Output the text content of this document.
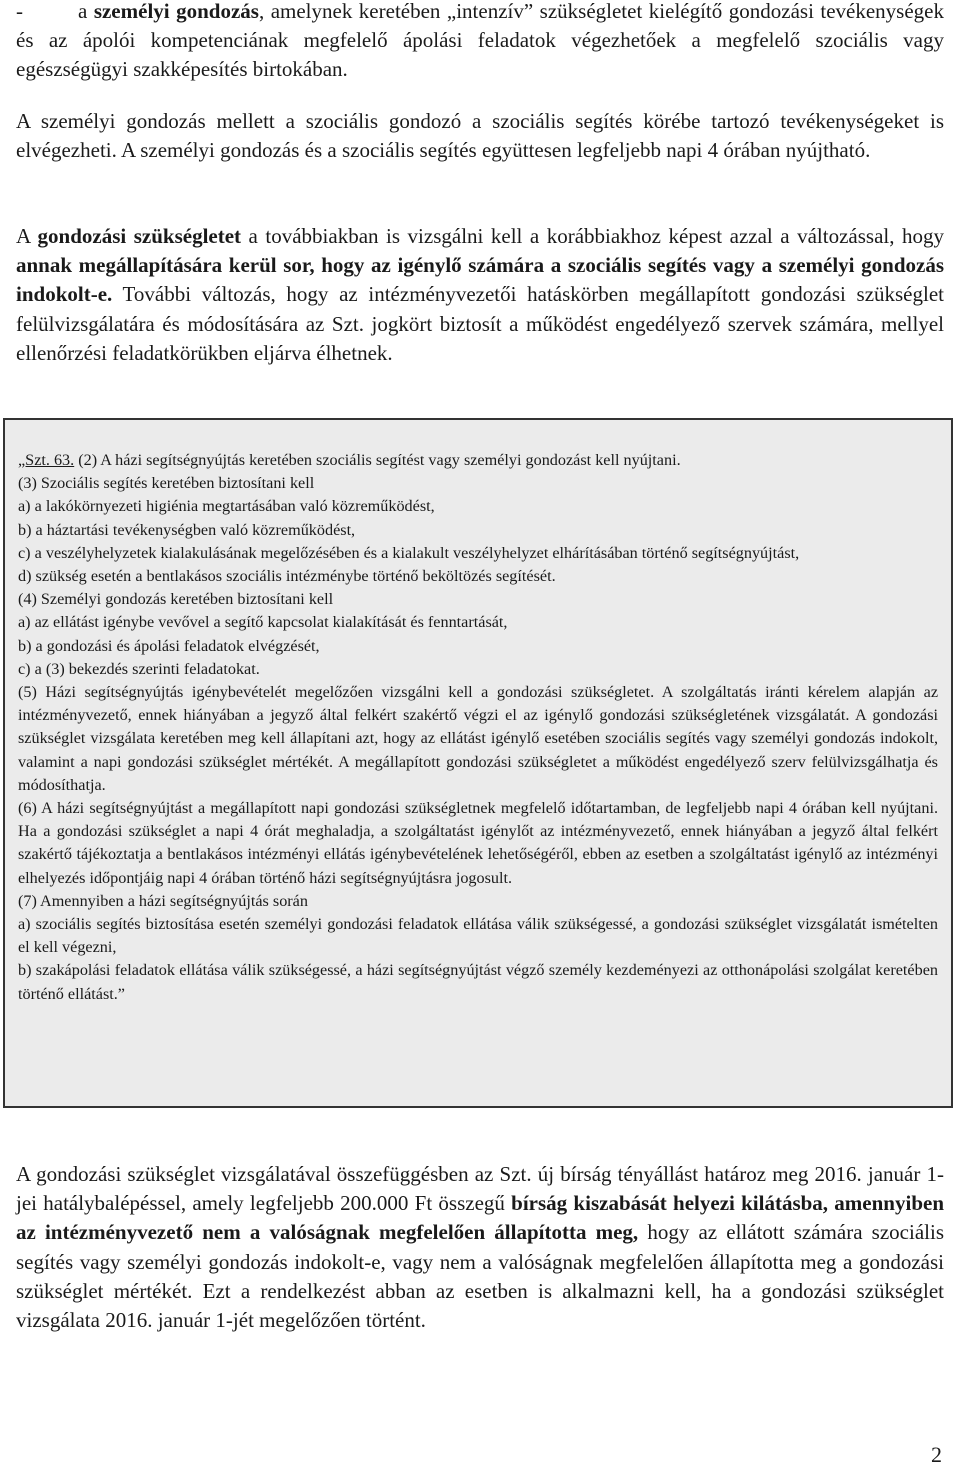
-	a személyi gondozás, amelynek keretében „intenzív” szükségletet kielégítő gondozási tevékenységek és az ápolói kompetenciának megfelelő ápolási feladatok végezhetőek a megfelelő szociális vagy egészségügyi szakképesítés birtokában.

A személyi gondozás mellett a szociális gondozó a szociális segítés körébe tartozó tevékenységeket is elvégezheti. A személyi gondozás és a szociális segítés együttesen legfeljebb napi 4 órában nyújtható.

A gondozási szükségletet a továbbiakban is vizsgálni kell a korábbiakhoz képest azzal a változással, hogy annak megállapítására kerül sor, hogy az igénylő számára a szociális segítés vagy a személyi gondozás indokolt-e. További változás, hogy az intézményvezetői hatáskörben megállapított gondozási szükséglet felülvizsgálatára és módosítására az Szt. jogkört biztosít a működést engedélyező szervek számára, mellyel ellenőrzési feladatkörükben eljárva élhetnek.

„Szt. 63. (2) A házi segítségnyújtás keretében szociális segítést vagy személyi gondozást kell nyújtani.
(3) Szociális segítés keretében biztosítani kell
a) a lakókörnyezeti higiénia megtartásában való közreműködést,
b) a háztartási tevékenységben való közreműködést,
c) a veszélyhelyzetek kialakulásának megelőzésében és a kialakult veszélyhelyzet elhárításában történő segítségnyújtást,
d) szükség esetén a bentlakásos szociális intézménybe történő beköltözés segítését.
(4) Személyi gondozás keretében biztosítani kell
a) az ellátást igénybe vevővel a segítő kapcsolat kialakítását és fenntartását,
b) a gondozási és ápolási feladatok elvégzését,
c) a (3) bekezdés szerinti feladatokat.
(5) Házi segítségnyújtás igénybevételét megelőzően vizsgálni kell a gondozási szükségletet. A szolgáltatás iránti kérelem alapján az intézményvezető, ennek hiányában a jegyző által felkért szakértő végzi el az igénylő gondozási szükségletének vizsgálatát. A gondozási szükséglet vizsgálata keretében meg kell állapítani azt, hogy az ellátást igénylő esetében szociális segítés vagy személyi gondozás indokolt, valamint a napi gondozási szükséglet mértékét. A megállapított gondozási szükségletet a működést engedélyező szerv felülvizsgálhatja és módosíthatja.
(6) A házi segítségnyújtást a megállapított napi gondozási szükségletnek megfelelő időtartamban, de legfeljebb napi 4 órában kell nyújtani. Ha a gondozási szükséglet a napi 4 órát meghaladja, a szolgáltatást igénylőt az intézményvezető, ennek hiányában a jegyző által felkért szakértő tájékoztatja a bentlakásos intézményi ellátás igénybevételének lehetőségéről, ebben az esetben a szolgáltatást igénylő az intézményi elhelyezés időpontjáig napi 4 órában történő házi segítségnyújtásra jogosult.
(7) Amennyiben a házi segítségnyújtás során
a) szociális segítés biztosítása esetén személyi gondozási feladatok ellátása válik szükségessé, a gondozási szükséglet vizsgálatát ismételten el kell végezni,
b) szakápolási feladatok ellátása válik szükségessé, a házi segítségnyújtást végző személy kezdeményezi az otthonápolási szolgálat keretében történő ellátást.”

A gondozási szükséglet vizsgálatával összefüggésben az Szt. új bírság tényállást határoz meg 2016. január 1-jei hatálybalépéssel, amely legfeljebb 200.000 Ft összegű bírság kiszabását helyezi kilátásba, amennyiben az intézményvezető nem a valóságnak megfelelően állapította meg, hogy az ellátott számára szociális segítés vagy személyi gondozás indokolt-e, vagy nem a valóságnak megfelelően állapította meg a gondozási szükséglet mértékét. Ezt a rendelkezést abban az esetben is alkalmazni kell, ha a gondozási szükséglet vizsgálata 2016. január 1-jét megelőzően történt.

2
